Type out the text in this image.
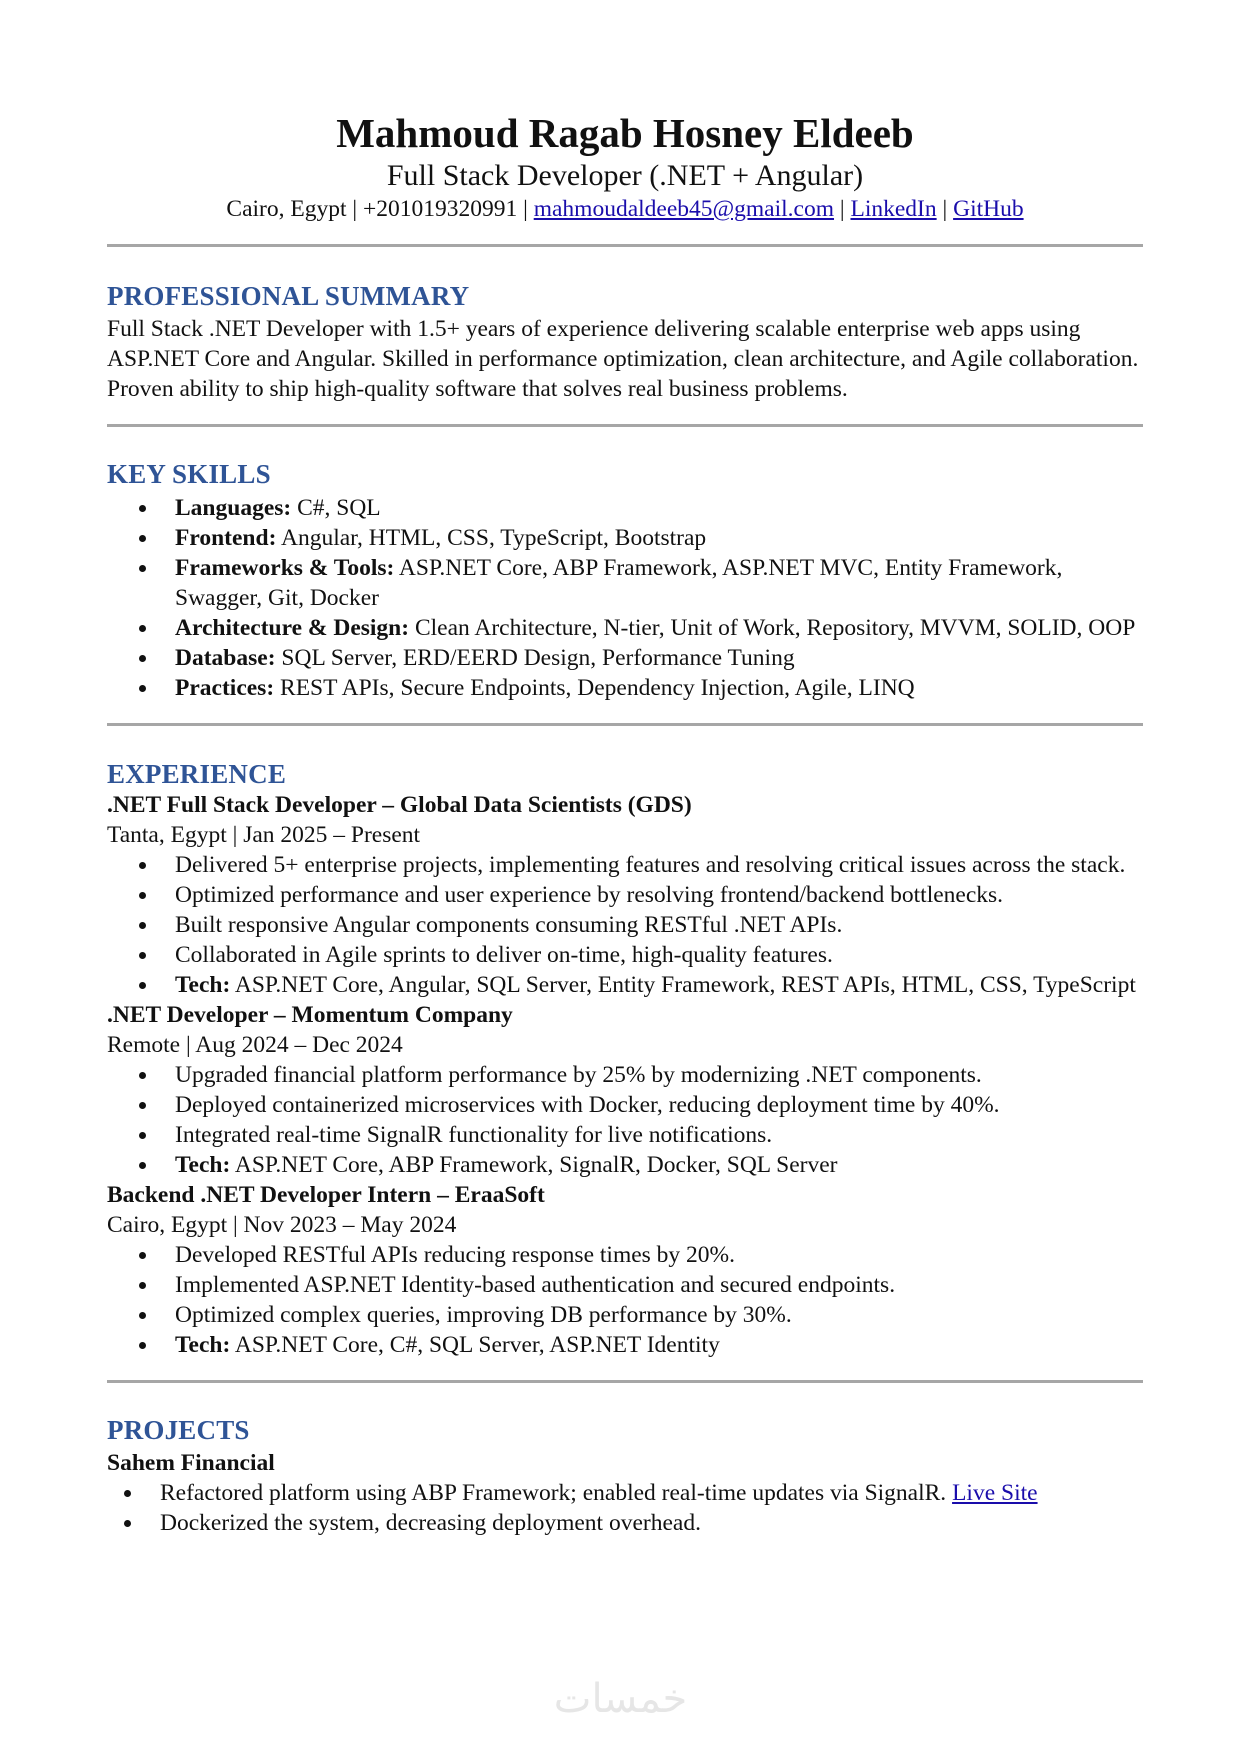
Mahmoud Ragab Hosney Eldeeb
Full Stack Developer (.NET + Angular)
Cairo, Egypt | +201019320991 | mahmoudaldeeb45@gmail.com | LinkedIn | GitHub
PROFESSIONAL SUMMARY

Full Stack .NET Developer with 1.5+ years of experience delivering scalable enterprise web apps using ASP.NET Core and Angular. Skilled in performance optimization, clean architecture, and Agile collaboration. Proven ability to ship high-quality software that solves real business problems.

KEY SKILLS
Languages: C#, SQL
Frontend: Angular, HTML, CSS, TypeScript, Bootstrap
Frameworks & Tools: ASP.NET Core, ABP Framework, ASP.NET MVC, Entity Framework, Swagger, Git, Docker
Architecture & Design: Clean Architecture, N-tier, Unit of Work, Repository, MVVM, SOLID, OOP
Database: SQL Server, ERD/EERD Design, Performance Tuning
Practices: REST APIs, Secure Endpoints, Dependency Injection, Agile, LINQ
EXPERIENCE
.NET Full Stack Developer – Global Data Scientists (GDS)
Tanta, Egypt | Jan 2025 – Present
Delivered 5+ enterprise projects, implementing features and resolving critical issues across the stack.
Optimized performance and user experience by resolving frontend/backend bottlenecks.
Built responsive Angular components consuming RESTful .NET APIs.
Collaborated in Agile sprints to deliver on-time, high-quality features.
Tech: ASP.NET Core, Angular, SQL Server, Entity Framework, REST APIs, HTML, CSS, TypeScript
.NET Developer – Momentum Company
Remote | Aug 2024 – Dec 2024
Upgraded financial platform performance by 25% by modernizing .NET components.
Deployed containerized microservices with Docker, reducing deployment time by 40%.
Integrated real-time SignalR functionality for live notifications.
Tech: ASP.NET Core, ABP Framework, SignalR, Docker, SQL Server
Backend .NET Developer Intern – EraaSoft
Cairo, Egypt | Nov 2023 – May 2024
Developed RESTful APIs reducing response times by 20%.
Implemented ASP.NET Identity-based authentication and secured endpoints.
Optimized complex queries, improving DB performance by 30%.
Tech: ASP.NET Core, C#, SQL Server, ASP.NET Identity
PROJECTS
Sahem Financial
Refactored platform using ABP Framework; enabled real-time updates via SignalR. Live Site
Dockerized the system, decreasing deployment overhead.
خمسات
